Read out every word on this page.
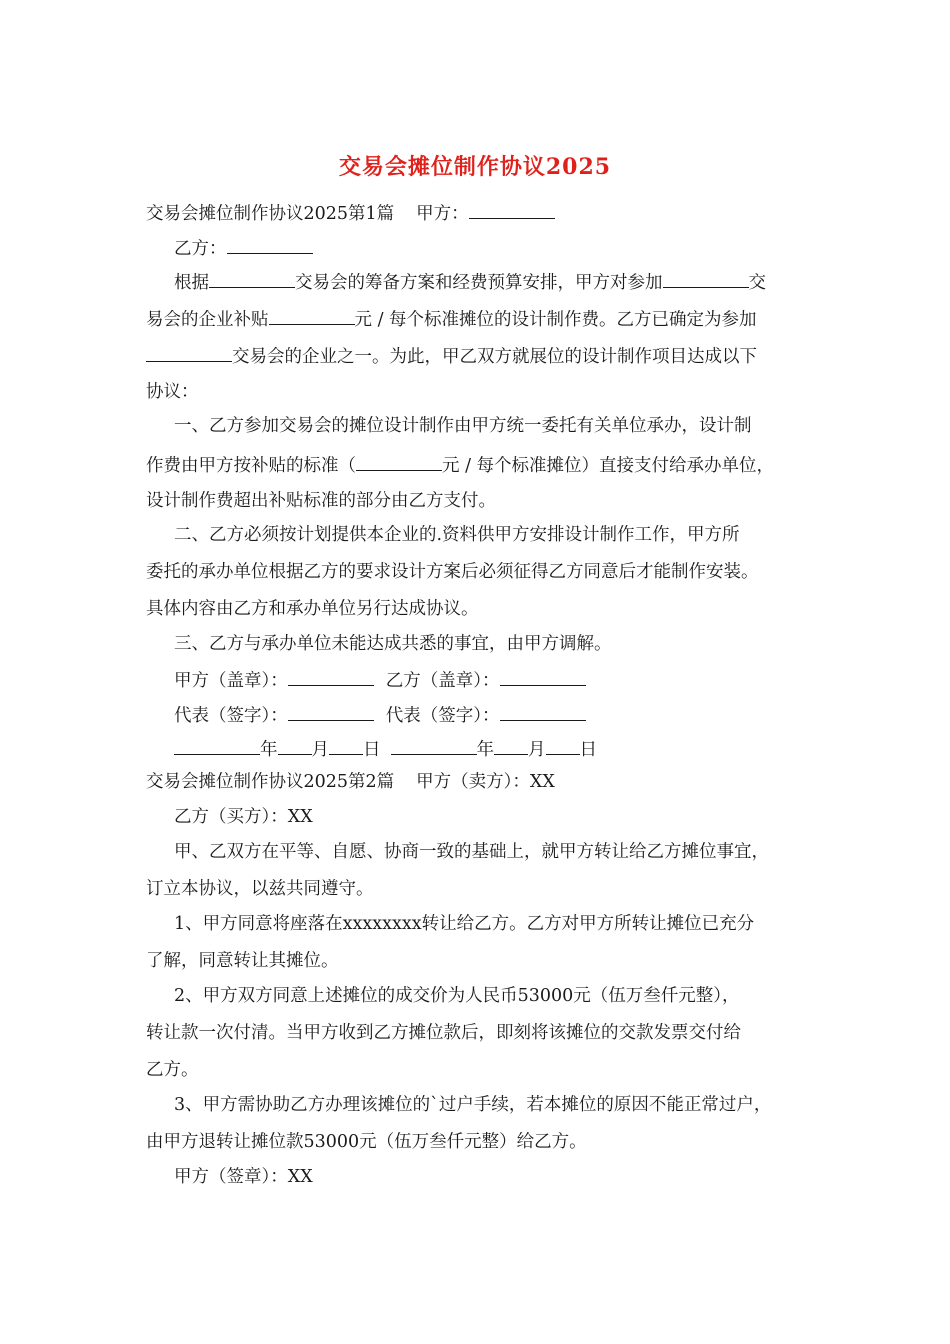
交易会摊位制作协议2025
交易会摊位制作协议2025第1篇 甲方：
乙方：
根据	交易会的筹备方案和经费预算安排，甲方对参加	交
易会的企业补贴	元 / 每个标准摊位的设计制作费。乙方已确定为参加
交易会的企业之一。为此，甲乙双方就展位的设计制作项目达成以下
协议：
一、乙方参加交易会的摊位设计制作由甲方统一委托有关单位承办，设计制
作费由甲方按补贴的标准（	元 / 每个标准摊位）直接支付给承办单位，
设计制作费超出补贴标准的部分由乙方支付。
二、乙方必须按计划提供本企业的.资料供甲方安排设计制作工作，甲方所
委托的承办单位根据乙方的要求设计方案后必须征得乙方同意后才能制作安装。
具体内容由乙方和承办单位另行达成协议。
三、乙方与承办单位未能达成共悉的事宜，由甲方调解。
甲方（盖章）：	乙方（盖章）：
代表（签字）：	代表（签字）：
年 月 日	年 月 日
交易会摊位制作协议2025第2篇 甲方（卖方）：XX
乙方（买方）：XX
甲、乙双方在平等、自愿、协商一致的基础上，就甲方转让给乙方摊位事宜，
订立本协议，以兹共同遵守。
1、甲方同意将座落在xxxxxxxx转让给乙方。乙方对甲方所转让摊位已充分
了解，同意转让其摊位。
2、甲方双方同意上述摊位的成交价为人民币53000元（伍万叁仟元整），
转让款一次付清。当甲方收到乙方摊位款后，即刻将该摊位的交款发票交付给
乙方。
3、甲方需协助乙方办理该摊位的`过户手续，若本摊位的原因不能正常过户，
由甲方退转让摊位款53000元（伍万叁仟元整）给乙方。
甲方（签章）：XX
